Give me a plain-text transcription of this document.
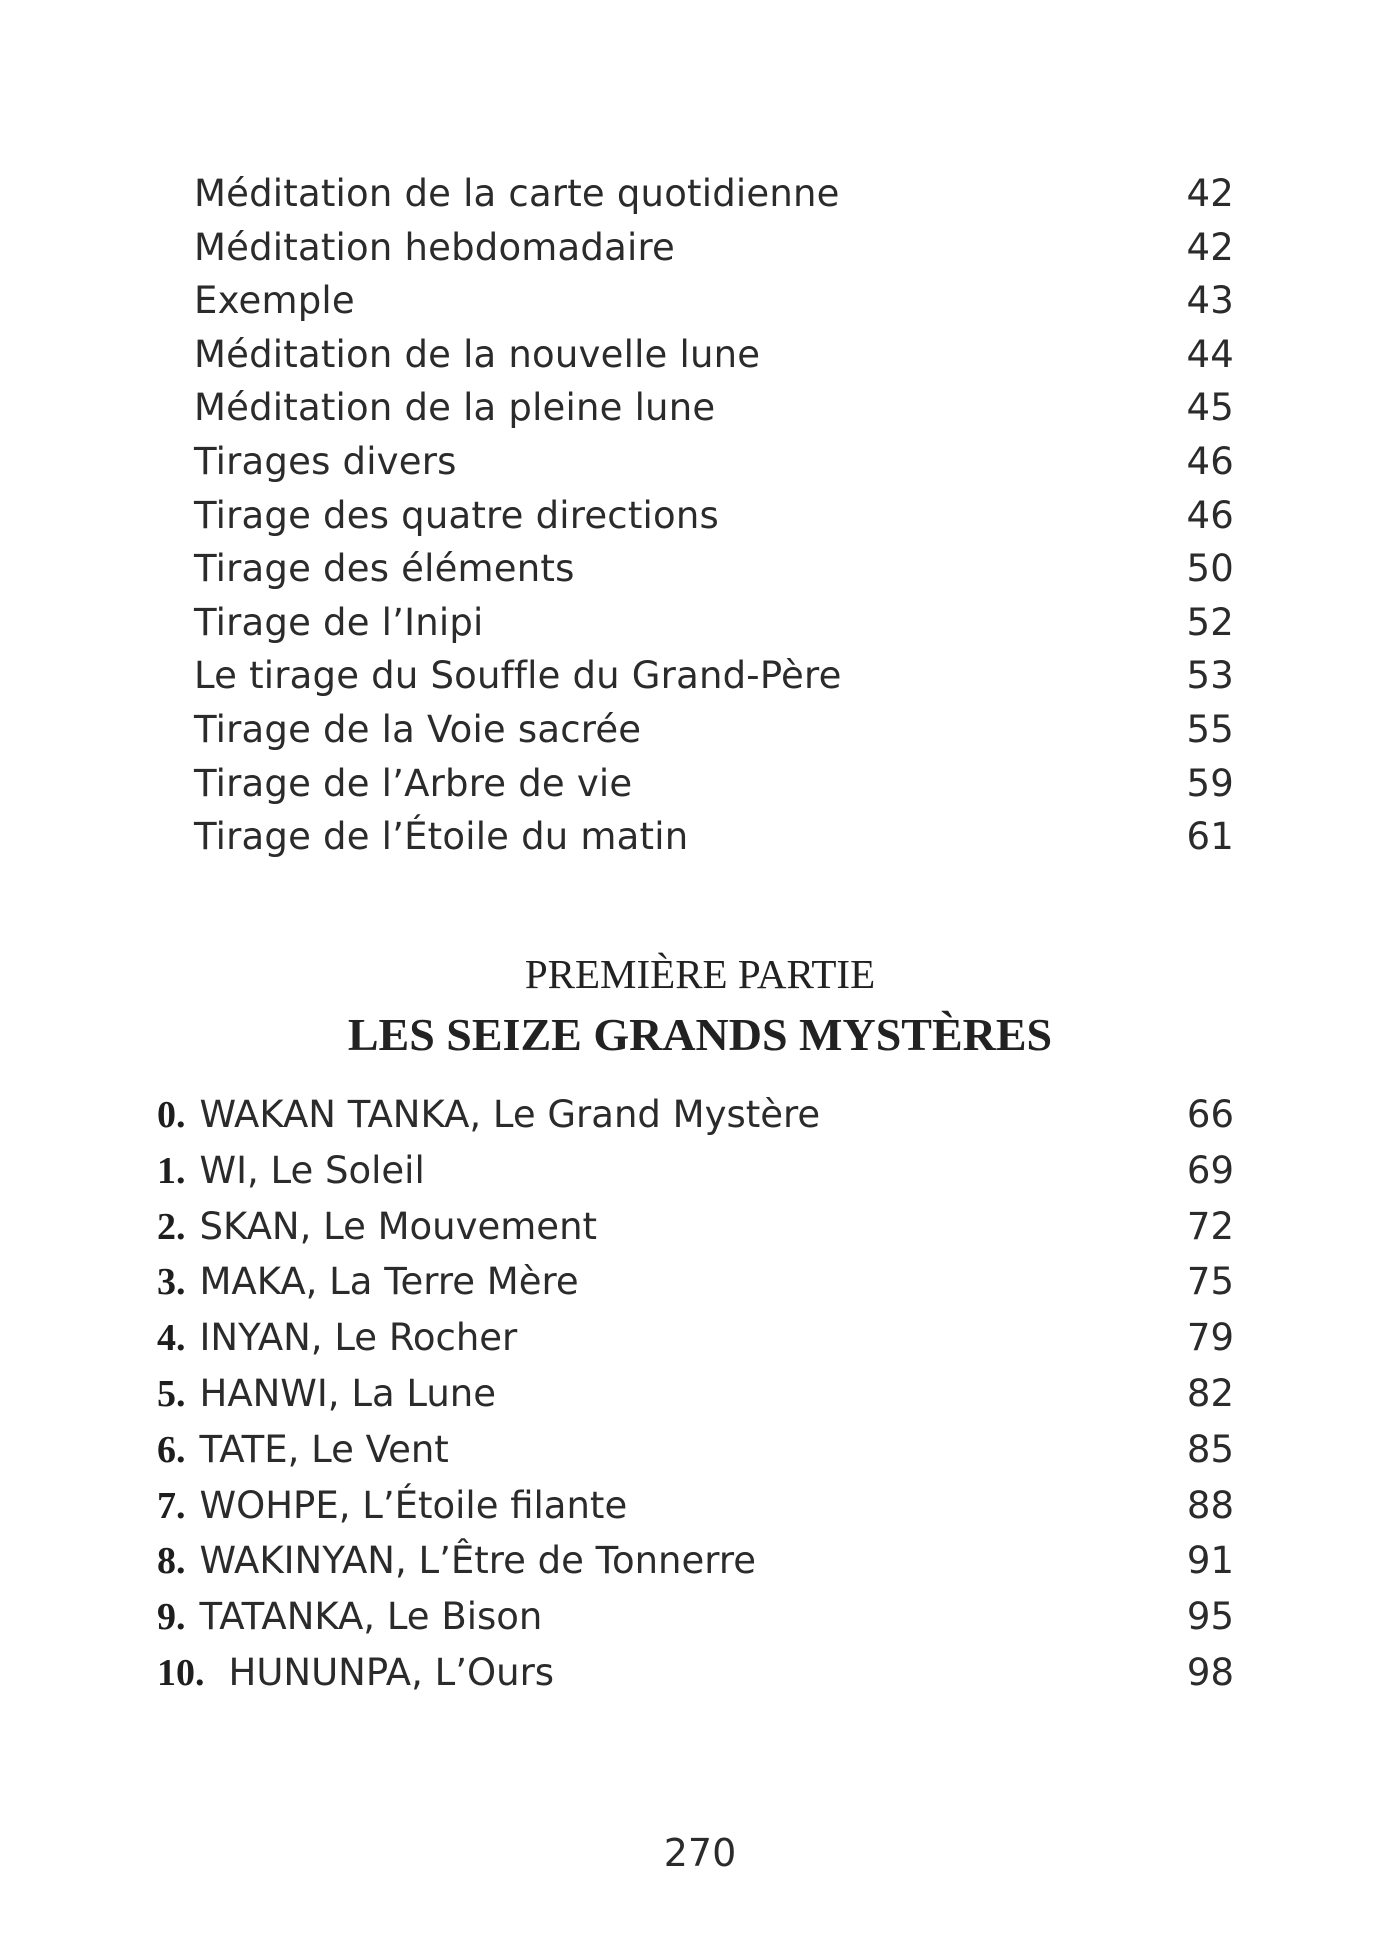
Méditation de la carte quotidienne	42
Méditation hebdomadaire	42
Exemple	43
Méditation de la nouvelle lune	44
Méditation de la pleine lune	45
Tirages divers	46
Tirage des quatre directions	46
Tirage des éléments	50
Tirage de l’Inipi	52
Le tirage du Souffle du Grand-Père	53
Tirage de la Voie sacrée	55
Tirage de l’Arbre de vie	59
Tirage de l’Étoile du matin	61
PREMIÈRE PARTIE
LES SEIZE GRANDS MYSTÈRES
0. WAKAN TANKA, Le Grand Mystère	66
1. WI, Le Soleil	69
2. SKAN, Le Mouvement	72
3. MAKA, La Terre Mère	75
4. INYAN, Le Rocher	79
5. HANWI, La Lune	82
6. TATE, Le Vent	85
7. WOHPE, L’Étoile filante	88
8. WAKINYAN, L’Être de Tonnerre	91
9. TATANKA, Le Bison	95
10. HUNUNPA, L’Ours	98
270
